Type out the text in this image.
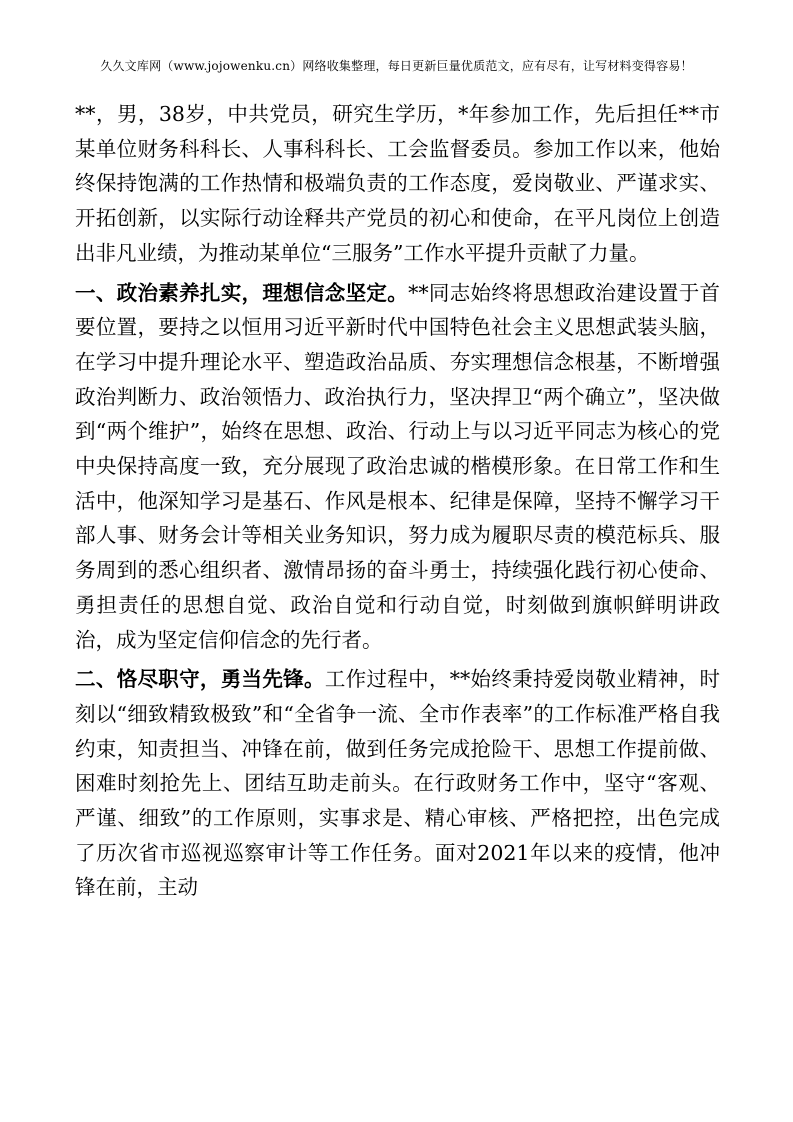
久久文库网（www.jojowenku.cn）网络收集整理，每日更新巨量优质范文，应有尽有，让写材料变得容易！

**，男，38岁，中共党员，研究生学历，*年参加工作，先后担任**市某单位财务科科长、人事科科长、工会监督委员。参加工作以来，他始终保持饱满的工作热情和极端负责的工作态度，爱岗敬业、严谨求实、开拓创新，以实际行动诠释共产党员的初心和使命，在平凡岗位上创造出非凡业绩，为推动某单位“三服务”工作水平提升贡献了力量。

一、政治素养扎实，理想信念坚定。**同志始终将思想政治建设置于首要位置，要持之以恒用习近平新时代中国特色社会主义思想武装头脑，在学习中提升理论水平、塑造政治品质、夯实理想信念根基，不断增强政治判断力、政治领悟力、政治执行力，坚决捍卫“两个确立”，坚决做到“两个维护”，始终在思想、政治、行动上与以习近平同志为核心的党中央保持高度一致，充分展现了政治忠诚的楷模形象。在日常工作和生活中，他深知学习是基石、作风是根本、纪律是保障，坚持不懈学习干部人事、财务会计等相关业务知识，努力成为履职尽责的模范标兵、服务周到的悉心组织者、激情昂扬的奋斗勇士，持续强化践行初心使命、勇担责任的思想自觉、政治自觉和行动自觉，时刻做到旗帜鲜明讲政治，成为坚定信仰信念的先行者。

二、恪尽职守，勇当先锋。工作过程中，**始终秉持爱岗敬业精神，时刻以“细致精致极致”和“全省争一流、全市作表率”的工作标准严格自我约束，知责担当、冲锋在前，做到任务完成抢险干、思想工作提前做、困难时刻抢先上、团结互助走前头。在行政财务工作中，坚守“客观、严谨、细致”的工作原则，实事求是、精心审核、严格把控，出色完成了历次省市巡视巡察审计等工作任务。面对2021年以来的疫情，他冲锋在前，主动
